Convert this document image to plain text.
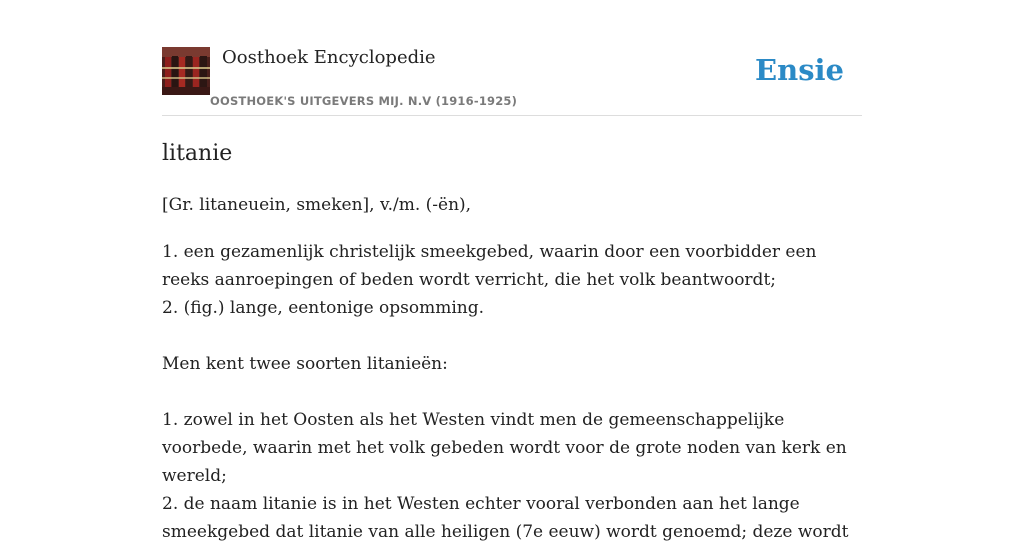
Oosthoek Encyclopedie
OOSTHOEK'S UITGEVERS MIJ. N.V (1916-1925)
Ensie
litanie

[Gr. litaneuein, smeken], v./m. (-ën),

1. een gezamenlijk christelijk smeekgebed, waarin door een voorbidder een reeks aanroepingen of beden wordt verricht, die het volk beantwoordt;
2. (fig.) lange, eentonige opsomming.

Men kent twee soorten litanieën:

1. zowel in het Oosten als het Westen vindt men de gemeenschappelijke voorbede, waarin met het volk gebeden wordt voor de grote noden van kerk en wereld;
2. de naam litanie is in het Westen echter vooral verbonden aan het lange smeekgebed dat litanie van alle heiligen (7e eeuw) wordt genoemd; deze wordt
